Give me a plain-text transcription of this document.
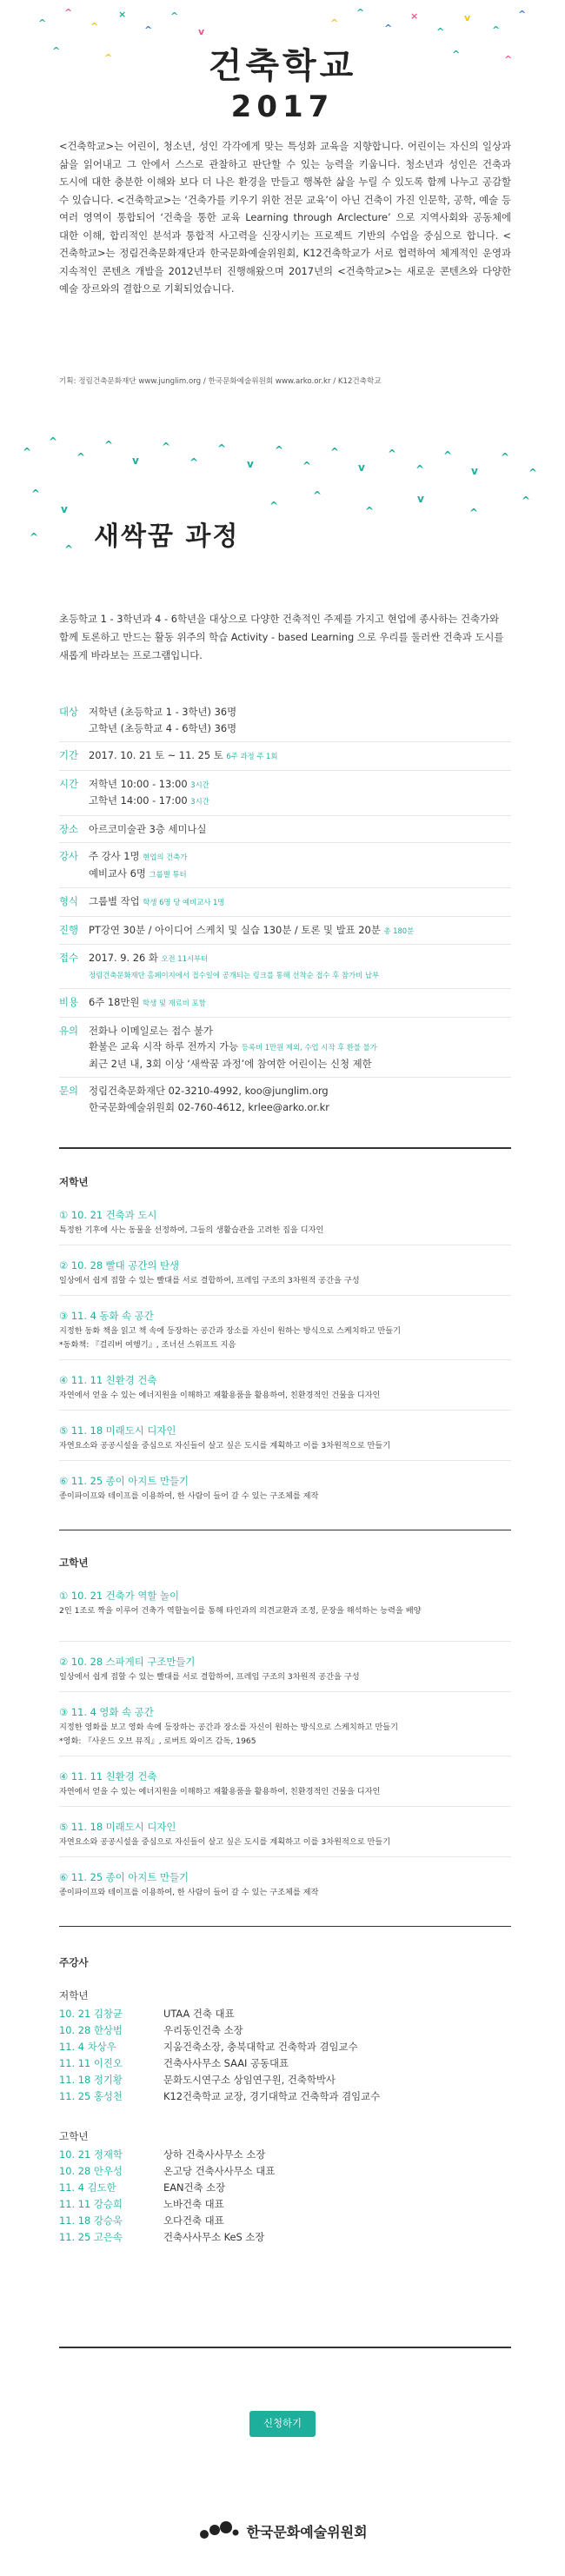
^
^
^
×
^
^
v
^
^
^
×
^
v
^
^
^
^	^	^
건축학교
2017
<건축학교>는 어린이, 청소년, 성인 각각에게 맞는 특성화 교육을 지향합니다. 어린이는 자신의 일상과 삶을 읽어내고 그 안에서 스스로 관찰하고 판단할 수 있는 능력을 키웁니다. 청소년과 성인은 건축과 도시에 대한 충분한 이해와 보다 더 나은 환경을 만들고 행복한 삶을 누릴 수 있도록 함께 나누고 공감할 수 있습니다. <건축학교>는 ‘건축가를 키우기 위한 전문 교육’이 아닌 건축이 가진 인문학, 공학, 예술 등 여러 영역이 통합되어 ‘건축을 통한 교육 Learning through Arclecture’ 으로 지역사회와 공동체에 대한 이해, 합리적인 분석과 통합적 사고력을 신장시키는 프로젝트 기반의 수업을 중심으로 합니다. <건축학교>는 정림건축문화재단과 한국문화예술위원회, K12건축학교가 서로 협력하여 체계적인 운영과 지속적인 콘텐츠 개발을 2012년부터 진행해왔으며 2017년의 <건축학교>는 새로운 콘텐츠와 다양한 예술 장르와의 결합으로 기획되었습니다.
기획: 정림건축문화재단 www.junglim.org / 한국문화예술위원회 www.arko.or.kr / K12건축학교
^
^
^
^
v
^
^
^
v
^
^
^
v
^
^
^
v
^
^
^
v	^
^
^
v
^
^
^
^ 새싹꿈 과정
초등학교 1 - 3학년과 4 - 6학년을 대상으로 다양한 건축적인 주제를 가지고 현업에 종사하는 건축가와 함께 토론하고 만드는 활동 위주의 학습 Activity - based Learning 으로 우리를 둘러싼 건축과 도시를 새롭게 바라보는 프로그램입니다.
대상	저학년 (초등학교 1 - 3학년) 36명
고학년 (초등학교 4 - 6학년) 36명
기간	2017. 10. 21 토 ~ 11. 25 토 6주 과정 주 1회
시간	저학년 10:00 - 13:00 3시간
고학년 14:00 - 17:00 3시간
장소	아르코미술관 3층 세미나실
강사	주 강사 1명 현업의 건축가
예비교사 6명 그룹별 튜터
형식	그룹별 작업 학생 6명 당 예비교사 1명
진행	PT강연 30분 / 아이디어 스케치 및 실습 130분 / 토론 및 발표 20분 총 180분
접수	2017. 9. 26 화 오전 11시부터
정림건축문화재단 홈페이지에서 접수일에 공개되는 링크를 통해 선착순 접수 후 참가비 납부
비용	6주 18만원 학생 및 재료비 포함
유의	전화나 이메일로는 접수 불가
환불은 교육 시작 하루 전까지 가능 등록비 1만원 제외, 수업 시작 후 환불 불가
최근 2년 내, 3회 이상 ‘새싹꿈 과정’에 참여한 어린이는 신청 제한
문의	정림건축문화재단 02-3210-4992, koo@junglim.org
한국문화예술위원회 02-760-4612, krlee@arko.or.kr
저학년
① 10. 21 건축과 도시
특정한 기후에 사는 동물을 선정하여, 그들의 생활습관을 고려한 집을 디자인
② 10. 28 빨대 공간의 탄생
일상에서 쉽게 접할 수 있는 빨대를 서로 결합하여, 프레임 구조의 3차원적 공간을 구성
③ 11. 4 동화 속 공간
지정한 동화 책을 읽고 책 속에 등장하는 공간과 장소를 자신이 원하는 방식으로 스케치하고 만들기
*동화책: 『걸리버 여행기』, 조너선 스위프트 지음
④ 11. 11 친환경 건축
자연에서 얻을 수 있는 에너지원을 이해하고 재활용품을 활용하여, 친환경적인 건물을 디자인
⑤ 11. 18 미래도시 디자인
자연요소와 공공시설을 중심으로 자신들이 살고 싶은 도시를 계획하고 이를 3차원적으로 만들기
⑥ 11. 25 종이 아지트 만들기
종이파이프와 테이프를 이용하여, 한 사람이 들어 갈 수 있는 구조체를 제작
고학년
① 10. 21 건축가 역할 놀이
2인 1조로 짝을 이루어 건축가 역할놀이를 통해 타인과의 의견교환과 조정, 문장을 해석하는 능력을 배양
② 10. 28 스파게티 구조만들기
일상에서 쉽게 접할 수 있는 빨대를 서로 결합하여, 프레임 구조의 3차원적 공간을 구성
③ 11. 4 영화 속 공간
지정한 영화를 보고 영화 속에 등장하는 공간과 장소를 자신이 원하는 방식으로 스케치하고 만들기
*영화: 『사운드 오브 뮤직』, 로버트 와이즈 감독, 1965
④ 11. 11 친환경 건축
자연에서 얻을 수 있는 에너지원을 이해하고 재활용품을 활용하여, 친환경적인 건물을 디자인
⑤ 11. 18 미래도시 디자인
자연요소와 공공시설을 중심으로 자신들이 살고 싶은 도시를 계획하고 이를 3차원적으로 만들기
⑥ 11. 25 종이 아지트 만들기
종이파이프와 테이프를 이용하여, 한 사람이 들어 갈 수 있는 구조체를 제작
주강사
저학년
10. 21 김창균	UTAA 건축 대표
10. 28 한상범	우리동인건축 소장
11. 4 차상우	지움건축소장, 충북대학교 건축학과 겸임교수
11. 11 이진오	건축사사무소 SAAI 공동대표
11. 18 정기황	문화도시연구소 상임연구원, 건축학박사
11. 25 홍성천	K12건축학교 교장, 경기대학교 건축학과 겸임교수
고학년
10. 21 정재학	상하 건축사사무소 소장
10. 28 안우성	온고당 건축사사무소 대표
11. 4 김도한	EAN건축 소장
11. 11 강승희	노바건축 대표
11. 18 강승욱	오다건축 대표
11. 25 고은속	건축사사무소 KeS 소장
신청하기
한국문화예술위원회
